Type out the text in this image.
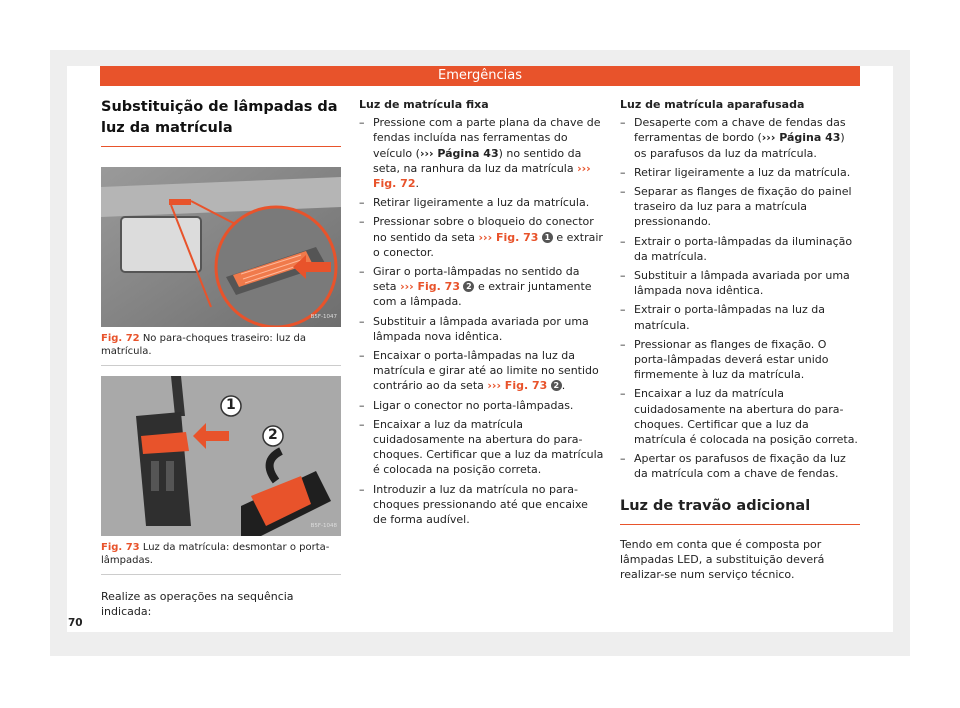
Emergências
Substituição de lâmpadas da luz da matrícula
B5F-1047
Fig. 72 No para-choques traseiro: luz da matrícula.
1
2
B5F-1048
Fig. 73 Luz da matrícula: desmontar o porta-lâmpadas.

Realize as operações na sequência indicada:

Luz de matrícula fixa

– Pressione com a parte plana da chave de fendas incluída nas ferramentas do veículo (››› Página 43) no sentido da seta, na ranhura da luz da matrícula ››› Fig. 72.
– Retirar ligeiramente a luz da matrícula.
– Pressionar sobre o bloqueio do conector no sentido da seta ››› Fig. 73 1 e extrair o conector.
– Girar o porta-lâmpadas no sentido da seta ››› Fig. 73 2 e extrair juntamente com a lâmpada.
– Substituir a lâmpada avariada por uma lâmpada nova idêntica.
– Encaixar o porta-lâmpadas na luz da matrícula e girar até ao limite no sentido contrário ao da seta ››› Fig. 73 2 .
– Ligar o conector no porta-lâmpadas.
– Encaixar a luz da matrícula cuidadosamente na abertura do para-choques. Certificar que a luz da matrícula é colocada na posição correta.
– Introduzir a luz da matrícula no para-choques pressionando até que encaixe de forma audível.

Luz de matrícula aparafusada

– Desaperte com a chave de fendas das ferramentas de bordo (››› Página 43) os parafusos da luz da matrícula.
– Retirar ligeiramente a luz da matrícula.
– Separar as flanges de fixação do painel traseiro da luz para a matrícula pressionando.
– Extrair o porta-lâmpadas da iluminação da matrícula.
– Substituir a lâmpada avariada por uma lâmpada nova idêntica.
– Extrair o porta-lâmpadas na luz da matrícula.
– Pressionar as flanges de fixação. O porta-lâmpadas deverá estar unido firmemente à luz da matrícula.
– Encaixar a luz da matrícula cuidadosamente na abertura do para-choques. Certificar que a luz da matrícula é colocada na posição correta.
– Apertar os parafusos de fixação da luz da matrícula com a chave de fendas.
Luz de travão adicional

Tendo em conta que é composta por lâmpadas LED, a substituição deverá realizar-se num serviço técnico.

70
